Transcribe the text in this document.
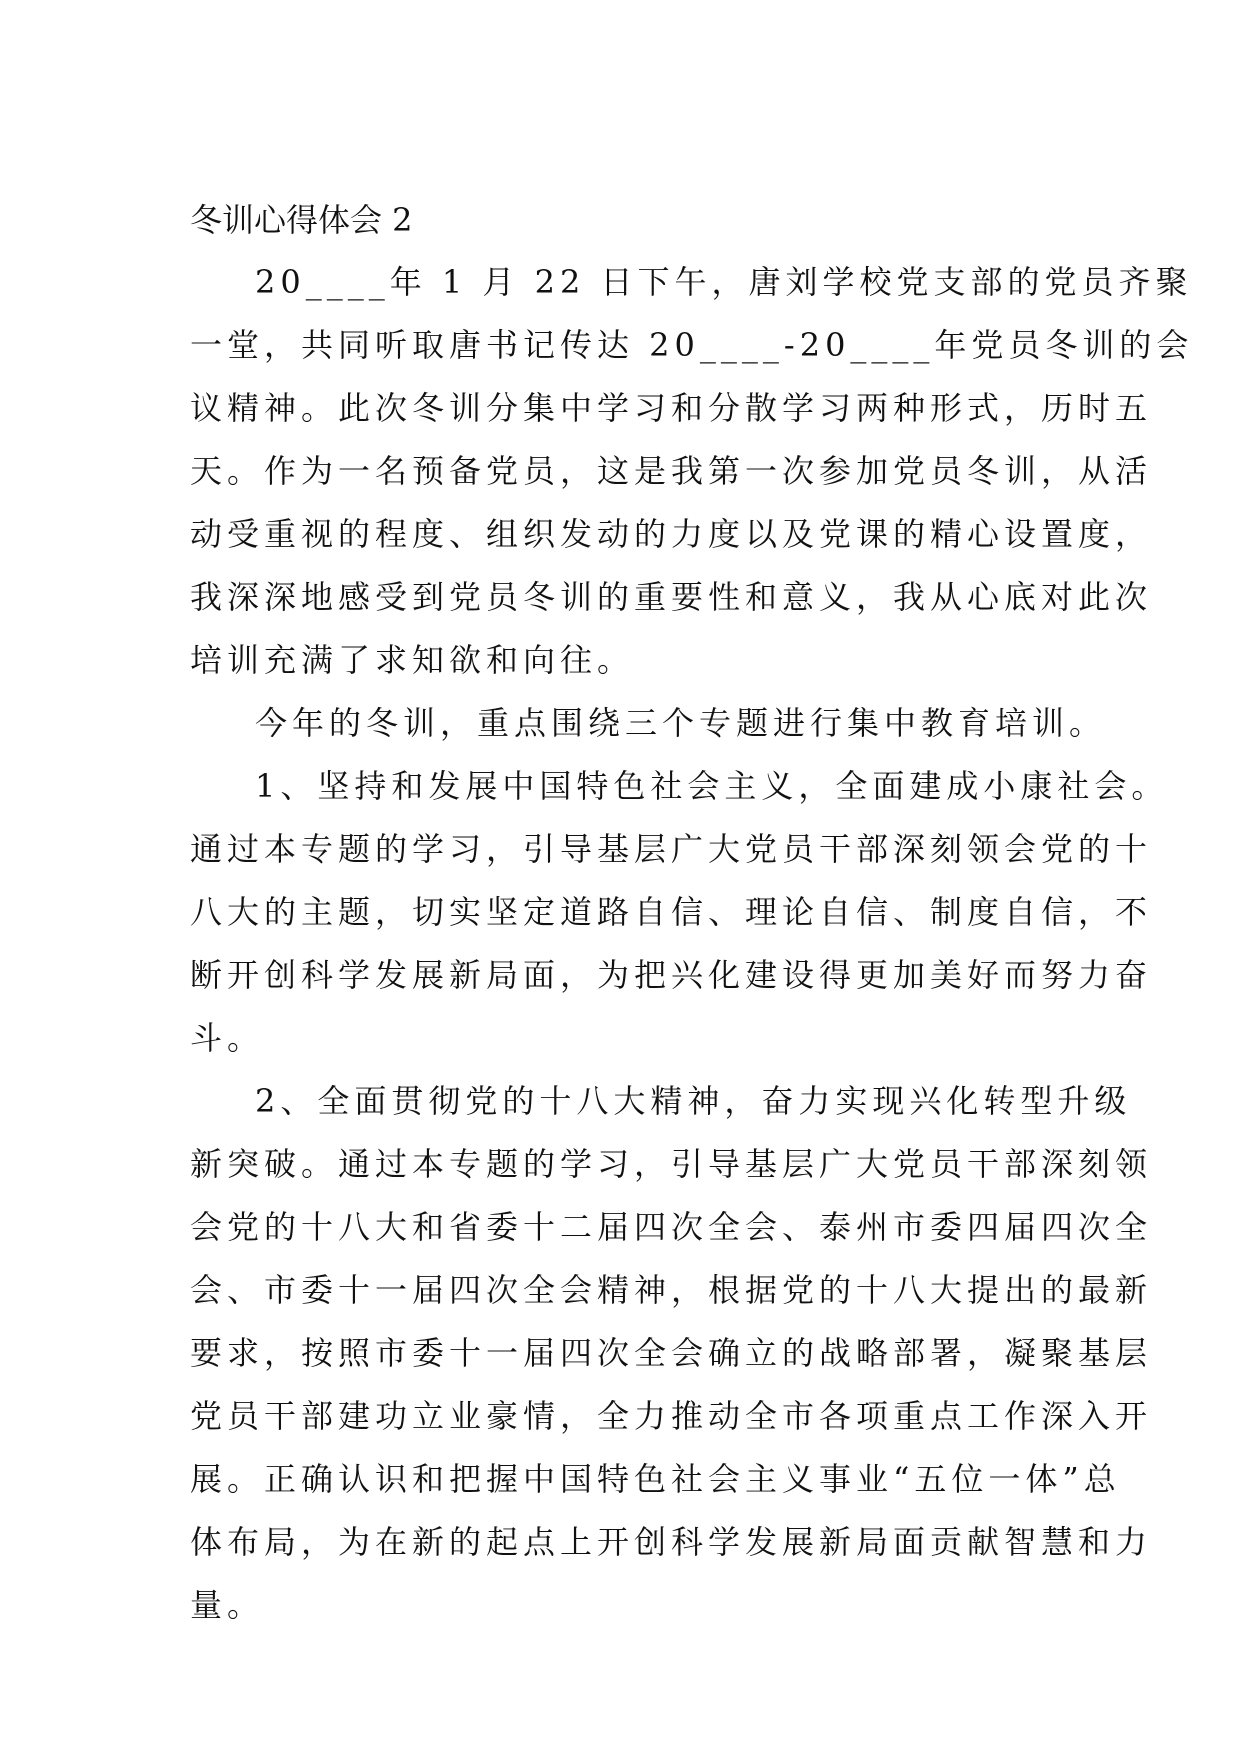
冬训心得体会 2
20____年 1 月 22 日下午，唐刘学校党支部的党员齐聚
一堂，共同听取唐书记传达 20____-20____年党员冬训的会
议精神。此次冬训分集中学习和分散学习两种形式，历时五
天。作为一名预备党员，这是我第一次参加党员冬训，从活
动受重视的程度、组织发动的力度以及党课的精心设置度，
我深深地感受到党员冬训的重要性和意义，我从心底对此次
培训充满了求知欲和向往。
今年的冬训，重点围绕三个专题进行集中教育培训。
1、坚持和发展中国特色社会主义，全面建成小康社会。
通过本专题的学习，引导基层广大党员干部深刻领会党的十
八大的主题，切实坚定道路自信、理论自信、制度自信，不
断开创科学发展新局面，为把兴化建设得更加美好而努力奋
斗。
2、全面贯彻党的十八大精神，奋力实现兴化转型升级
新突破。通过本专题的学习，引导基层广大党员干部深刻领
会党的十八大和省委十二届四次全会、泰州市委四届四次全
会、市委十一届四次全会精神，根据党的十八大提出的最新
要求，按照市委十一届四次全会确立的战略部署，凝聚基层
党员干部建功立业豪情，全力推动全市各项重点工作深入开
展。正确认识和把握中国特色社会主义事业“五位一体”总
体布局，为在新的起点上开创科学发展新局面贡献智慧和力
量。
